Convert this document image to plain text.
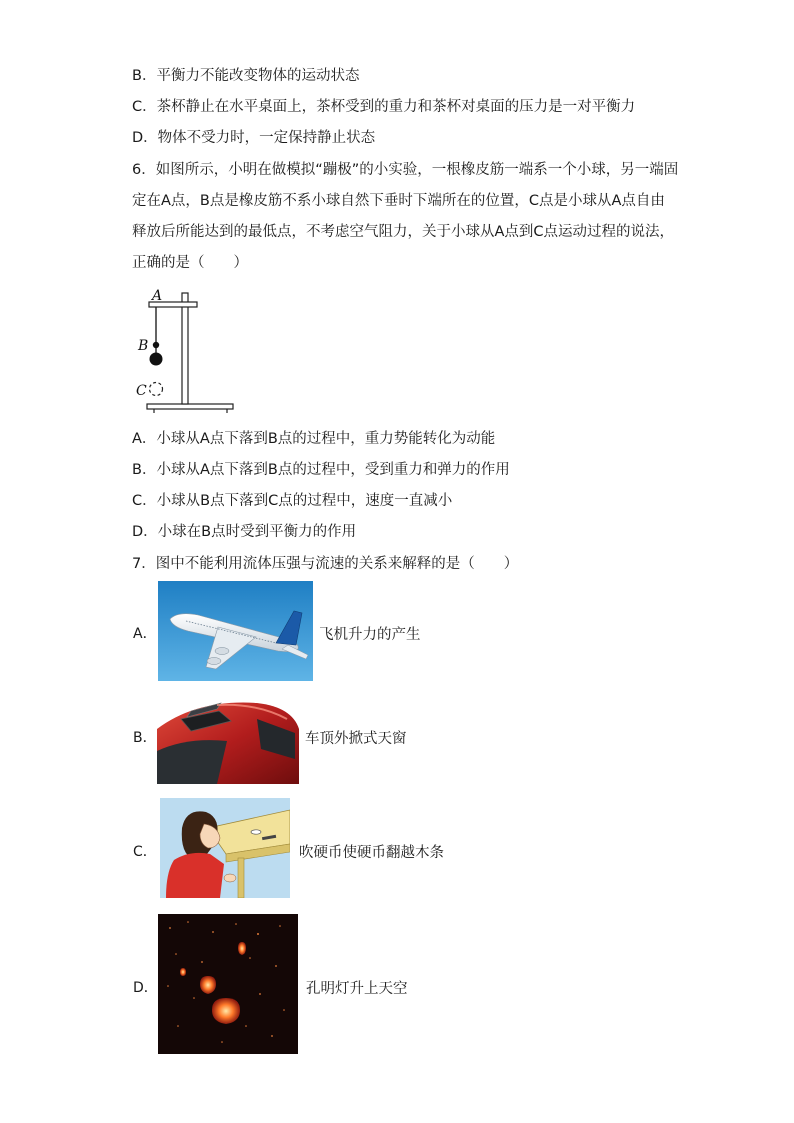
B．平衡力不能改变物体的运动状态
C．茶杯静止在水平桌面上，茶杯受到的重力和茶杯对桌面的压力是一对平衡力
D．物体不受力时，一定保持静止状态
6．如图所示，小明在做模拟“蹦极”的小实验，一根橡皮筋一端系一个小球，另一端固
定在A点，B点是橡皮筋不系小球自然下垂时下端所在的位置，C点是小球从A点自由
释放后所能达到的最低点，不考虑空气阻力，关于小球从A点到C点运动过程的说法，
正确的是（　　）
A
B
C
A．小球从A点下落到B点的过程中，重力势能转化为动能
B．小球从A点下落到B点的过程中，受到重力和弹力的作用
C．小球从B点下落到C点的过程中，速度一直减小
D．小球在B点时受到平衡力的作用
7．图中不能利用流体压强与流速的关系来解释的是（　　）
A．	飞机升力的产生
B．	车顶外掀式天窗
C．	吹硬币使硬币翻越木条
D．	孔明灯升上天空
